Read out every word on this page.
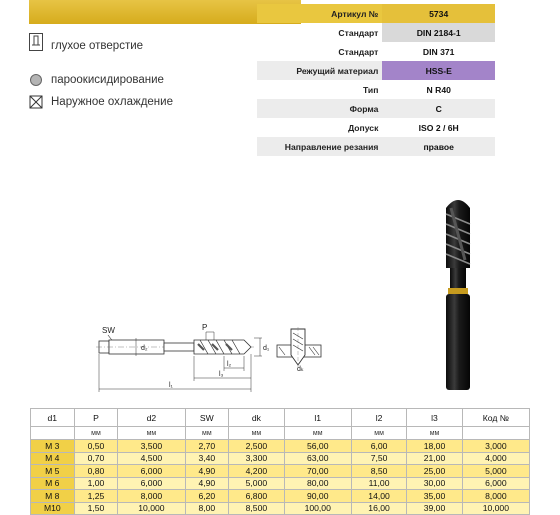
Артикул №	5734
Стандарт	DIN 2184-1
Стандарт	DIN 371
Режущий материал	HSS-E
Тип	N R40
Форма	C
Допуск	ISO 2 / 6H
Направление резания	правое
глухое отверстие
пароокисидирование
Наружное охлаждение
SW
d₂
P
d₁
l₂
l₃
l₁
dₖ
d1	P	d2	SW	dk	l1	l2	l3	Код №
	мм	мм	мм	мм	мм	мм	мм	
M 3	0,50	3,500	2,70	2,500	56,00	6,00	18,00	3,000
M 4	0,70	4,500	3,40	3,300	63,00	7,50	21,00	4,000
M 5	0,80	6,000	4,90	4,200	70,00	8,50	25,00	5,000
M 6	1,00	6,000	4,90	5,000	80,00	11,00	30,00	6,000
M 8	1,25	8,000	6,20	6,800	90,00	14,00	35,00	8,000
M10	1,50	10,000	8,00	8,500	100,00	16,00	39,00	10,000
